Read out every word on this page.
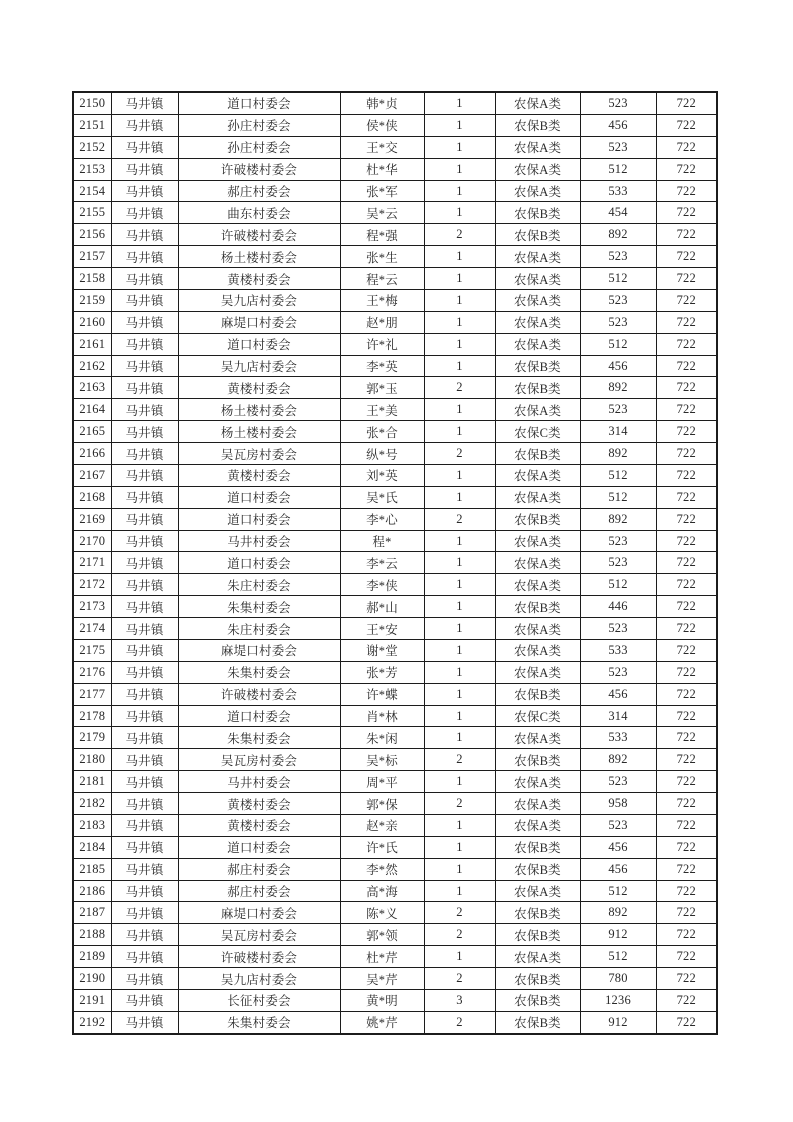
2150	马井镇	道口村委会	韩*贞	1	农保A类	523	722
2151	马井镇	孙庄村委会	侯*侠	1	农保B类	456	722
2152	马井镇	孙庄村委会	王*交	1	农保A类	523	722
2153	马井镇	许破楼村委会	杜*华	1	农保A类	512	722
2154	马井镇	郝庄村委会	张*军	1	农保A类	533	722
2155	马井镇	曲东村委会	吴*云	1	农保B类	454	722
2156	马井镇	许破楼村委会	程*强	2	农保B类	892	722
2157	马井镇	杨土楼村委会	张*生	1	农保A类	523	722
2158	马井镇	黄楼村委会	程*云	1	农保A类	512	722
2159	马井镇	吴九店村委会	王*梅	1	农保A类	523	722
2160	马井镇	麻堤口村委会	赵*朋	1	农保A类	523	722
2161	马井镇	道口村委会	许*礼	1	农保A类	512	722
2162	马井镇	吴九店村委会	李*英	1	农保B类	456	722
2163	马井镇	黄楼村委会	郭*玉	2	农保B类	892	722
2164	马井镇	杨土楼村委会	王*美	1	农保A类	523	722
2165	马井镇	杨土楼村委会	张*合	1	农保C类	314	722
2166	马井镇	吴瓦房村委会	纵*号	2	农保B类	892	722
2167	马井镇	黄楼村委会	刘*英	1	农保A类	512	722
2168	马井镇	道口村委会	吴*氏	1	农保A类	512	722
2169	马井镇	道口村委会	李*心	2	农保B类	892	722
2170	马井镇	马井村委会	程*	1	农保A类	523	722
2171	马井镇	道口村委会	李*云	1	农保A类	523	722
2172	马井镇	朱庄村委会	李*侠	1	农保A类	512	722
2173	马井镇	朱集村委会	郝*山	1	农保B类	446	722
2174	马井镇	朱庄村委会	王*安	1	农保A类	523	722
2175	马井镇	麻堤口村委会	谢*堂	1	农保A类	533	722
2176	马井镇	朱集村委会	张*芳	1	农保A类	523	722
2177	马井镇	许破楼村委会	许*蝶	1	农保B类	456	722
2178	马井镇	道口村委会	肖*林	1	农保C类	314	722
2179	马井镇	朱集村委会	朱*闲	1	农保A类	533	722
2180	马井镇	吴瓦房村委会	吴*标	2	农保B类	892	722
2181	马井镇	马井村委会	周*平	1	农保A类	523	722
2182	马井镇	黄楼村委会	郭*保	2	农保A类	958	722
2183	马井镇	黄楼村委会	赵*亲	1	农保A类	523	722
2184	马井镇	道口村委会	许*氏	1	农保B类	456	722
2185	马井镇	郝庄村委会	李*然	1	农保B类	456	722
2186	马井镇	郝庄村委会	高*海	1	农保A类	512	722
2187	马井镇	麻堤口村委会	陈*义	2	农保B类	892	722
2188	马井镇	吴瓦房村委会	郭*领	2	农保B类	912	722
2189	马井镇	许破楼村委会	杜*芹	1	农保A类	512	722
2190	马井镇	吴九店村委会	吴*芹	2	农保B类	780	722
2191	马井镇	长征村委会	黄*明	3	农保B类	1236	722
2192	马井镇	朱集村委会	姚*芹	2	农保B类	912	722
